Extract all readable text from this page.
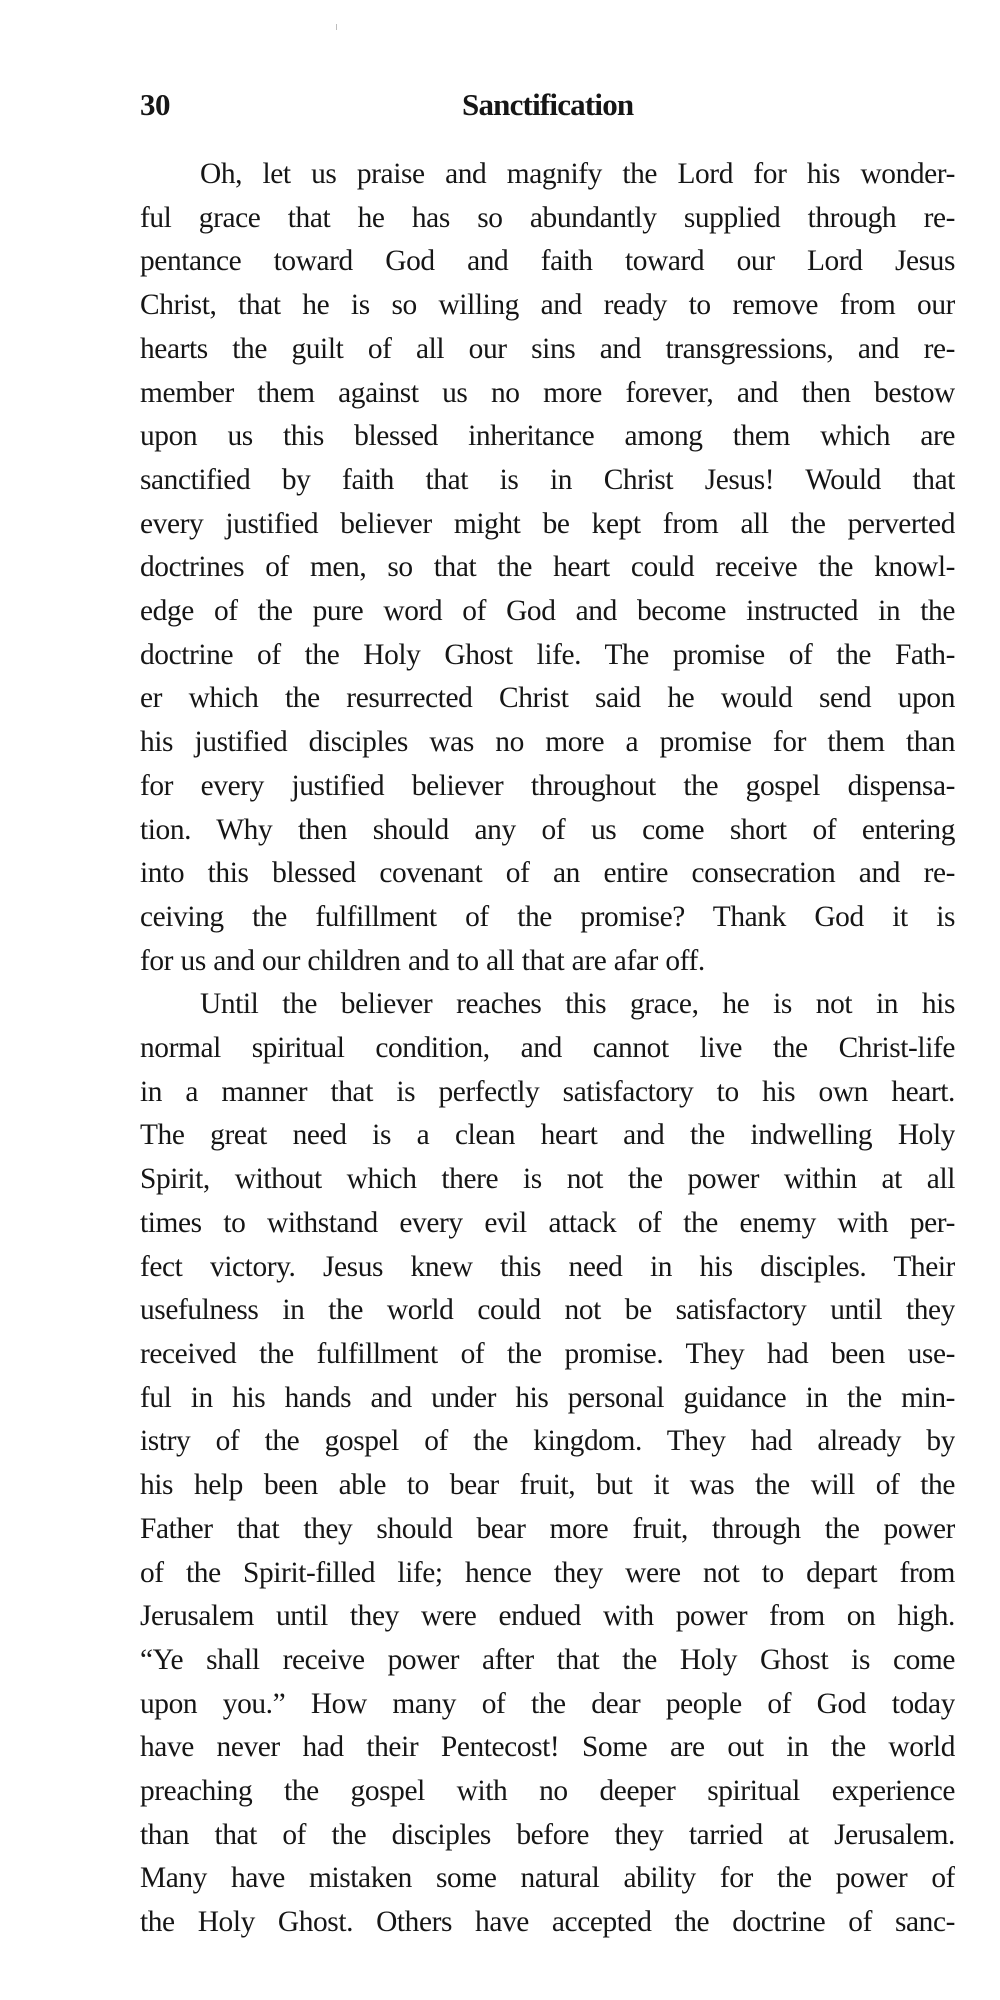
30	Sanctification
Oh, let us praise and magnify the Lord for his wonder-
ful grace that he has so abundantly supplied through re-
pentance toward God and faith toward our Lord Jesus
Christ, that he is so willing and ready to remove from our
hearts the guilt of all our sins and transgressions, and re-
member them against us no more forever, and then bestow
upon us this blessed inheritance among them which are
sanctified by faith that is in Christ Jesus! Would that
every justified believer might be kept from all the perverted
doctrines of men, so that the heart could receive the knowl-
edge of the pure word of God and become instructed in the
doctrine of the Holy Ghost life. The promise of the Fath-
er which the resurrected Christ said he would send upon
his justified disciples was no more a promise for them than
for every justified believer throughout the gospel dispensa-
tion. Why then should any of us come short of entering
into this blessed covenant of an entire consecration and re-
ceiving the fulfillment of the promise? Thank God it is
for us and our children and to all that are afar off.
Until the believer reaches this grace, he is not in his
normal spiritual condition, and cannot live the Christ-life
in a manner that is perfectly satisfactory to his own heart.
The great need is a clean heart and the indwelling Holy
Spirit, without which there is not the power within at all
times to withstand every evil attack of the enemy with per-
fect victory. Jesus knew this need in his disciples. Their
usefulness in the world could not be satisfactory until they
received the fulfillment of the promise. They had been use-
ful in his hands and under his personal guidance in the min-
istry of the gospel of the kingdom. They had already by
his help been able to bear fruit, but it was the will of the
Father that they should bear more fruit, through the power
of the Spirit-filled life; hence they were not to depart from
Jerusalem until they were endued with power from on high.
“Ye shall receive power after that the Holy Ghost is come
upon you.” How many of the dear people of God today
have never had their Pentecost! Some are out in the world
preaching the gospel with no deeper spiritual experience
than that of the disciples before they tarried at Jerusalem.
Many have mistaken some natural ability for the power of
the Holy Ghost. Others have accepted the doctrine of sanc-
